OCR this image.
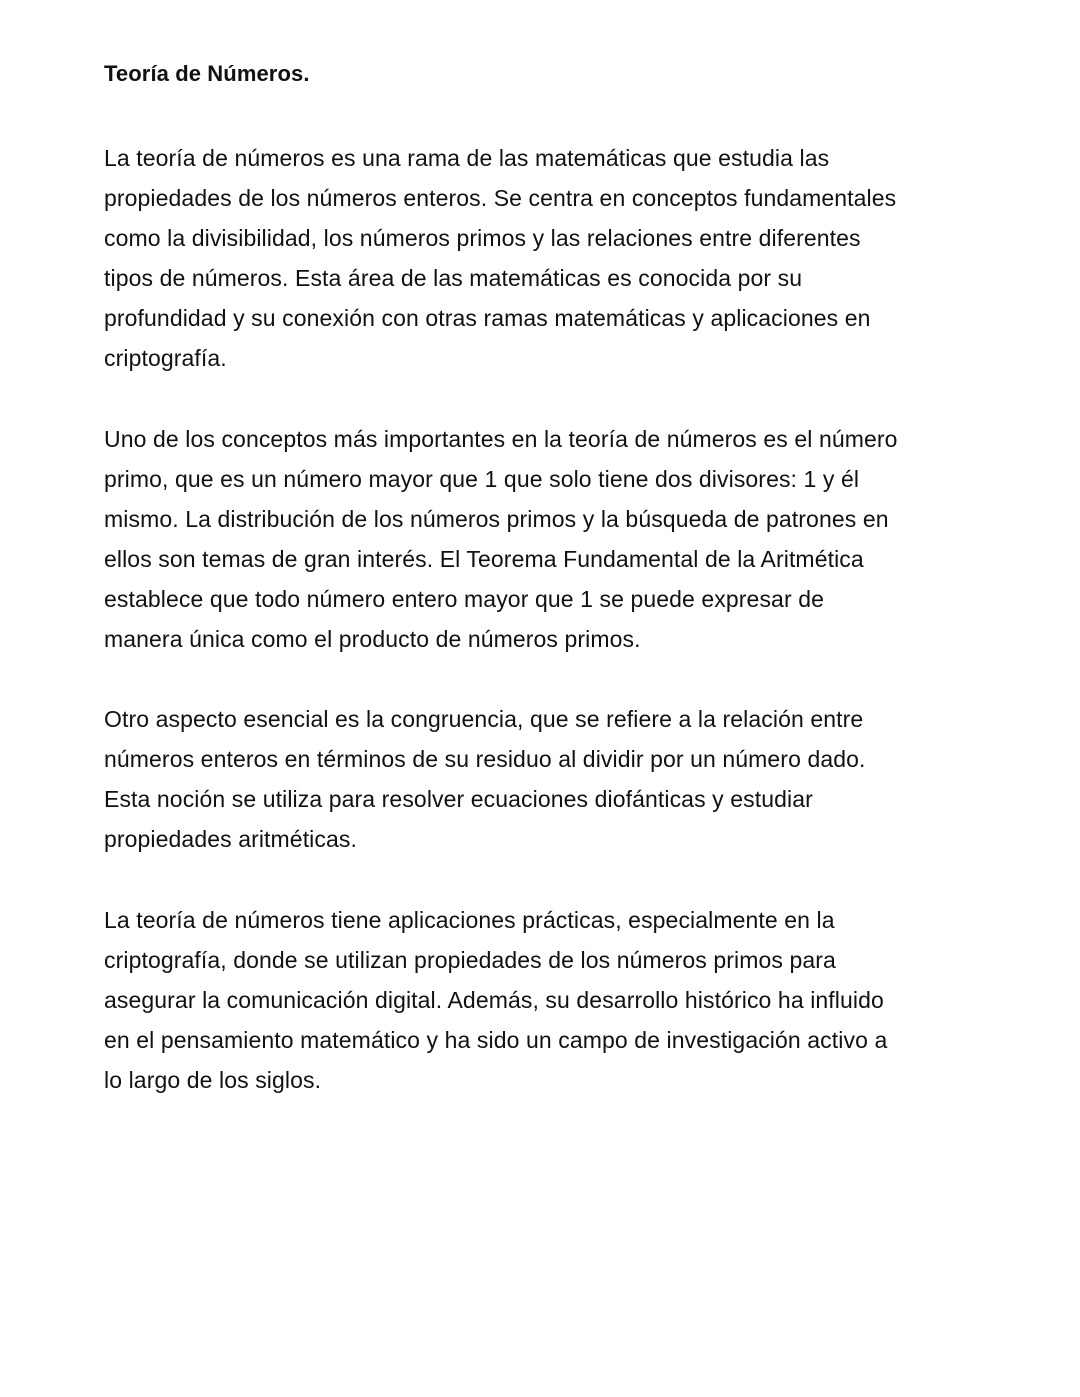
Teoría de Números.

La teoría de números es una rama de las matemáticas que estudia las propiedades de los números enteros. Se centra en conceptos fundamentales como la divisibilidad, los números primos y las relaciones entre diferentes tipos de números. Esta área de las matemáticas es conocida por su profundidad y su conexión con otras ramas matemáticas y aplicaciones en criptografía.

Uno de los conceptos más importantes en la teoría de números es el número primo, que es un número mayor que 1 que solo tiene dos divisores: 1 y él mismo. La distribución de los números primos y la búsqueda de patrones en ellos son temas de gran interés. El Teorema Fundamental de la Aritmética establece que todo número entero mayor que 1 se puede expresar de manera única como el producto de números primos.

Otro aspecto esencial es la congruencia, que se refiere a la relación entre números enteros en términos de su residuo al dividir por un número dado. Esta noción se utiliza para resolver ecuaciones diofánticas y estudiar propiedades aritméticas.

La teoría de números tiene aplicaciones prácticas, especialmente en la criptografía, donde se utilizan propiedades de los números primos para asegurar la comunicación digital. Además, su desarrollo histórico ha influido en el pensamiento matemático y ha sido un campo de investigación activo a lo largo de los siglos.
